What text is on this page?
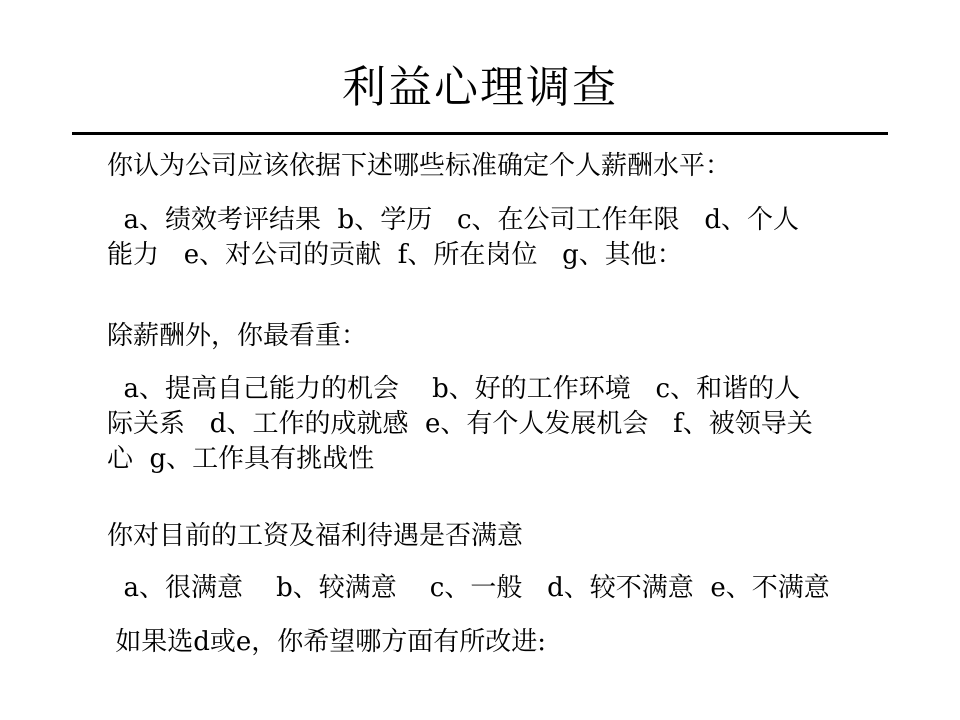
利益心理调查
你认为公司应该依据下述哪些标准确定个人薪酬水平：
a、绩效考评结果  b、学历   c、在公司工作年限   d、个人
能力   e、对公司的贡献  f、所在岗位   g、其他：
除薪酬外，你最看重：
a、提高自己能力的机会    b、好的工作环境   c、和谐的人
际关系   d、工作的成就感  e、有个人发展机会   f、被领导关
心  g、工作具有挑战性
你对目前的工资及福利待遇是否满意
a、很满意    b、较满意    c、一般   d、较不满意  e、不满意
如果选d或e，你希望哪方面有所改进:
